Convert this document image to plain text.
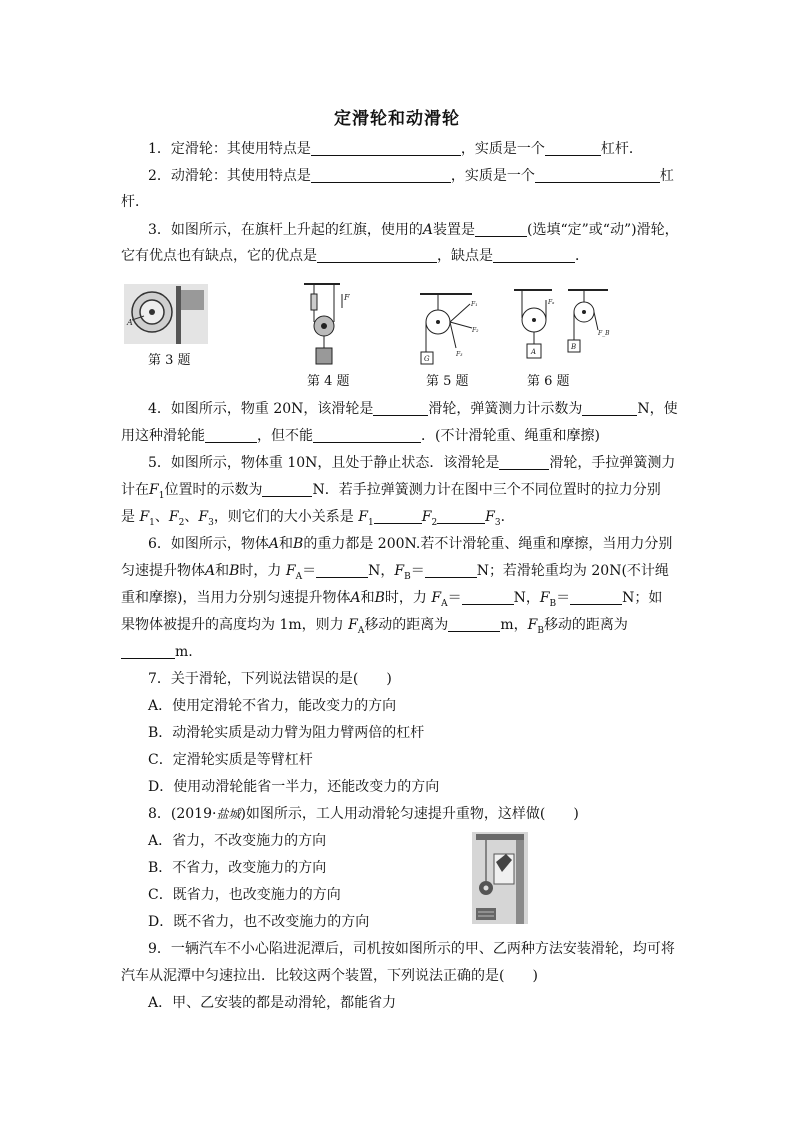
定滑轮和动滑轮
1．定滑轮：其使用特点是	，实质是一个	杠杆．
2．动滑轮：其使用特点是	，实质是一个	杠
杆．
3．如图所示，在旗杆上升起的红旗，使用的A装置是	(选填“定”或“动”)滑轮，
它有优点也有缺点，它的优点是	，缺点是	．
A
第 3 题
F
第 4 题
G
F₁
F₂
F₃
第 5 题
Fₐ
A
B
F_B
第 6 题
4．如图所示，物重 20N，该滑轮是	滑轮，弹簧测力计示数为	N，使
用这种滑轮能	，但不能	．(不计滑轮重、绳重和摩擦)
5．如图所示，物体重 10N，且处于静止状态．该滑轮是	滑轮，手拉弹簧测力
计在$F_1$位置时的示数为	N．若手拉弹簧测力计在图中三个不同位置时的拉力分别
是 $F_1$、$F_2$、$F_3$，则它们的大小关系是 $F_1$	$F_2$	$F_3$．
6．如图所示，物体A和B的重力都是 200N.若不计滑轮重、绳重和摩擦，当用力分别
匀速提升物体A和B时，力 $F_A=$	N，$F_B=$	N；若滑轮重均为 20N(不计绳
重和摩擦)，当用力分别匀速提升物体A和B时，力 $F_A=$	N，$F_B=$	N；如
果物体被提升的高度均为 1m，则力 $F_A$移动的距离为	m，$F_B$移动的距离为
m.
7．关于滑轮，下列说法错误的是(　　)
A．使用定滑轮不省力，能改变力的方向
B．动滑轮实质是动力臂为阻力臂两倍的杠杆
C．定滑轮实质是等臂杠杆
D．使用动滑轮能省一半力，还能改变力的方向
8．(2019·盐城)如图所示，工人用动滑轮匀速提升重物，这样做(　　)
A．省力，不改变施力的方向
B．不省力，改变施力的方向
C．既省力，也改变施力的方向
D．既不省力，也不改变施力的方向
9．一辆汽车不小心陷进泥潭后，司机按如图所示的甲、乙两种方法安装滑轮，均可将
汽车从泥潭中匀速拉出．比较这两个装置，下列说法正确的是(　　)
A．甲、乙安装的都是动滑轮，都能省力
